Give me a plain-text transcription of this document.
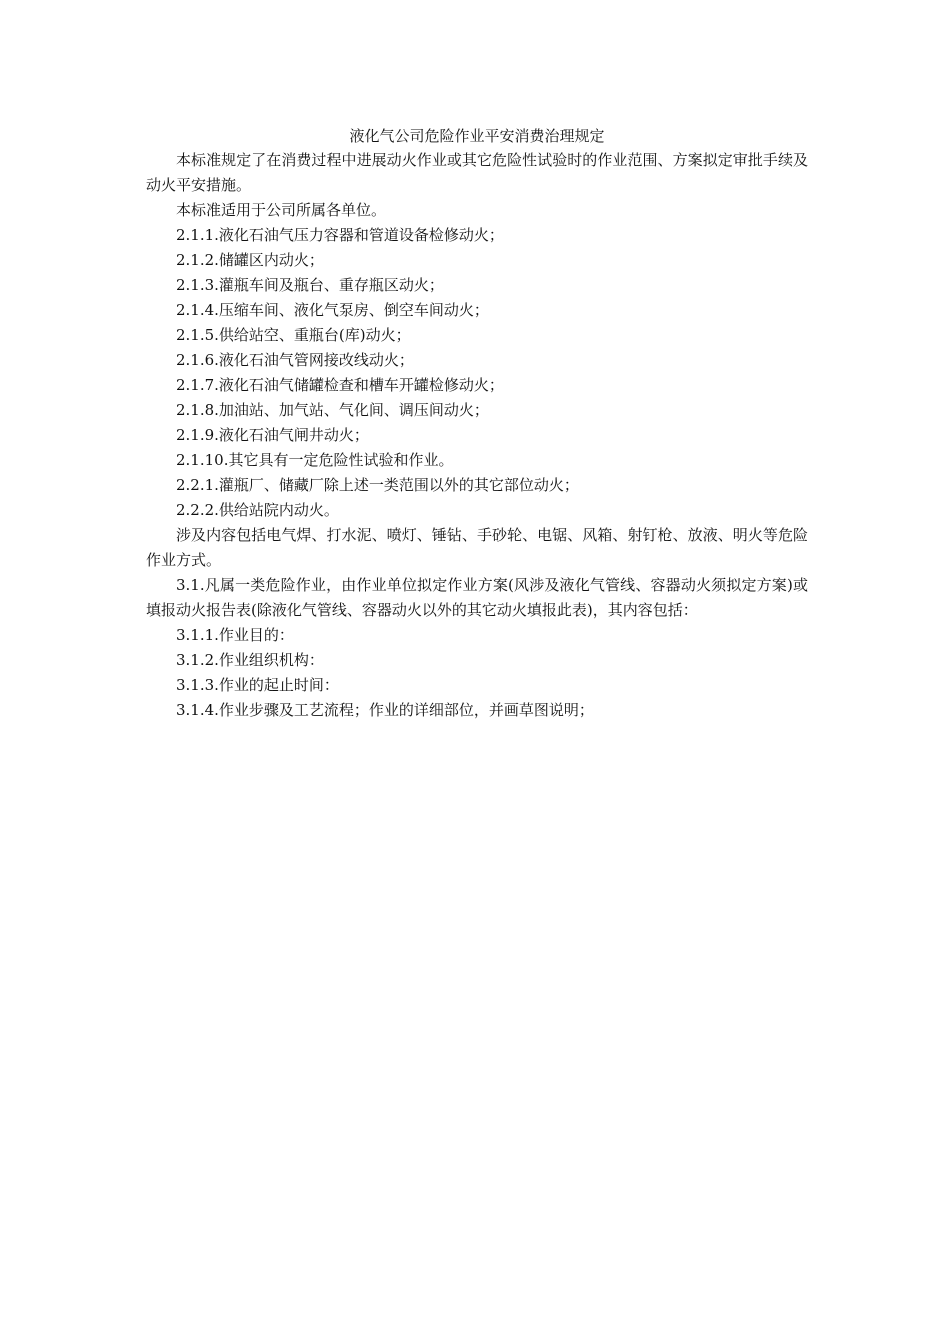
液化气公司危险作业平安消费治理规定

本标准规定了在消费过程中进展动火作业或其它危险性试验时的作业范围、方案拟定审批手续及动火平安措施。

本标准适用于公司所属各单位。

2.1.1.液化石油气压力容器和管道设备检修动火；

2.1.2.储罐区内动火；

2.1.3.灌瓶车间及瓶台、重存瓶区动火；

2.1.4.压缩车间、液化气泵房、倒空车间动火；

2.1.5.供给站空、重瓶台(库)动火；

2.1.6.液化石油气管网接改线动火；

2.1.7.液化石油气储罐检查和槽车开罐检修动火；

2.1.8.加油站、加气站、气化间、调压间动火；

2.1.9.液化石油气闸井动火；

2.1.10.其它具有一定危险性试验和作业。

2.2.1.灌瓶厂、储藏厂除上述一类范围以外的其它部位动火；

2.2.2.供给站院内动火。

涉及内容包括电气焊、打水泥、喷灯、锤钻、手砂轮、电锯、风箱、射钉枪、放液、明火等危险作业方式。

3.1.凡属一类危险作业，由作业单位拟定作业方案(风涉及液化气管线、容器动火须拟定方案)或填报动火报告表(除液化气管线、容器动火以外的其它动火填报此表)，其内容包括：

3.1.1.作业目的：

3.1.2.作业组织机构：

3.1.3.作业的起止时间：

3.1.4.作业步骤及工艺流程；作业的详细部位，并画草图说明；
